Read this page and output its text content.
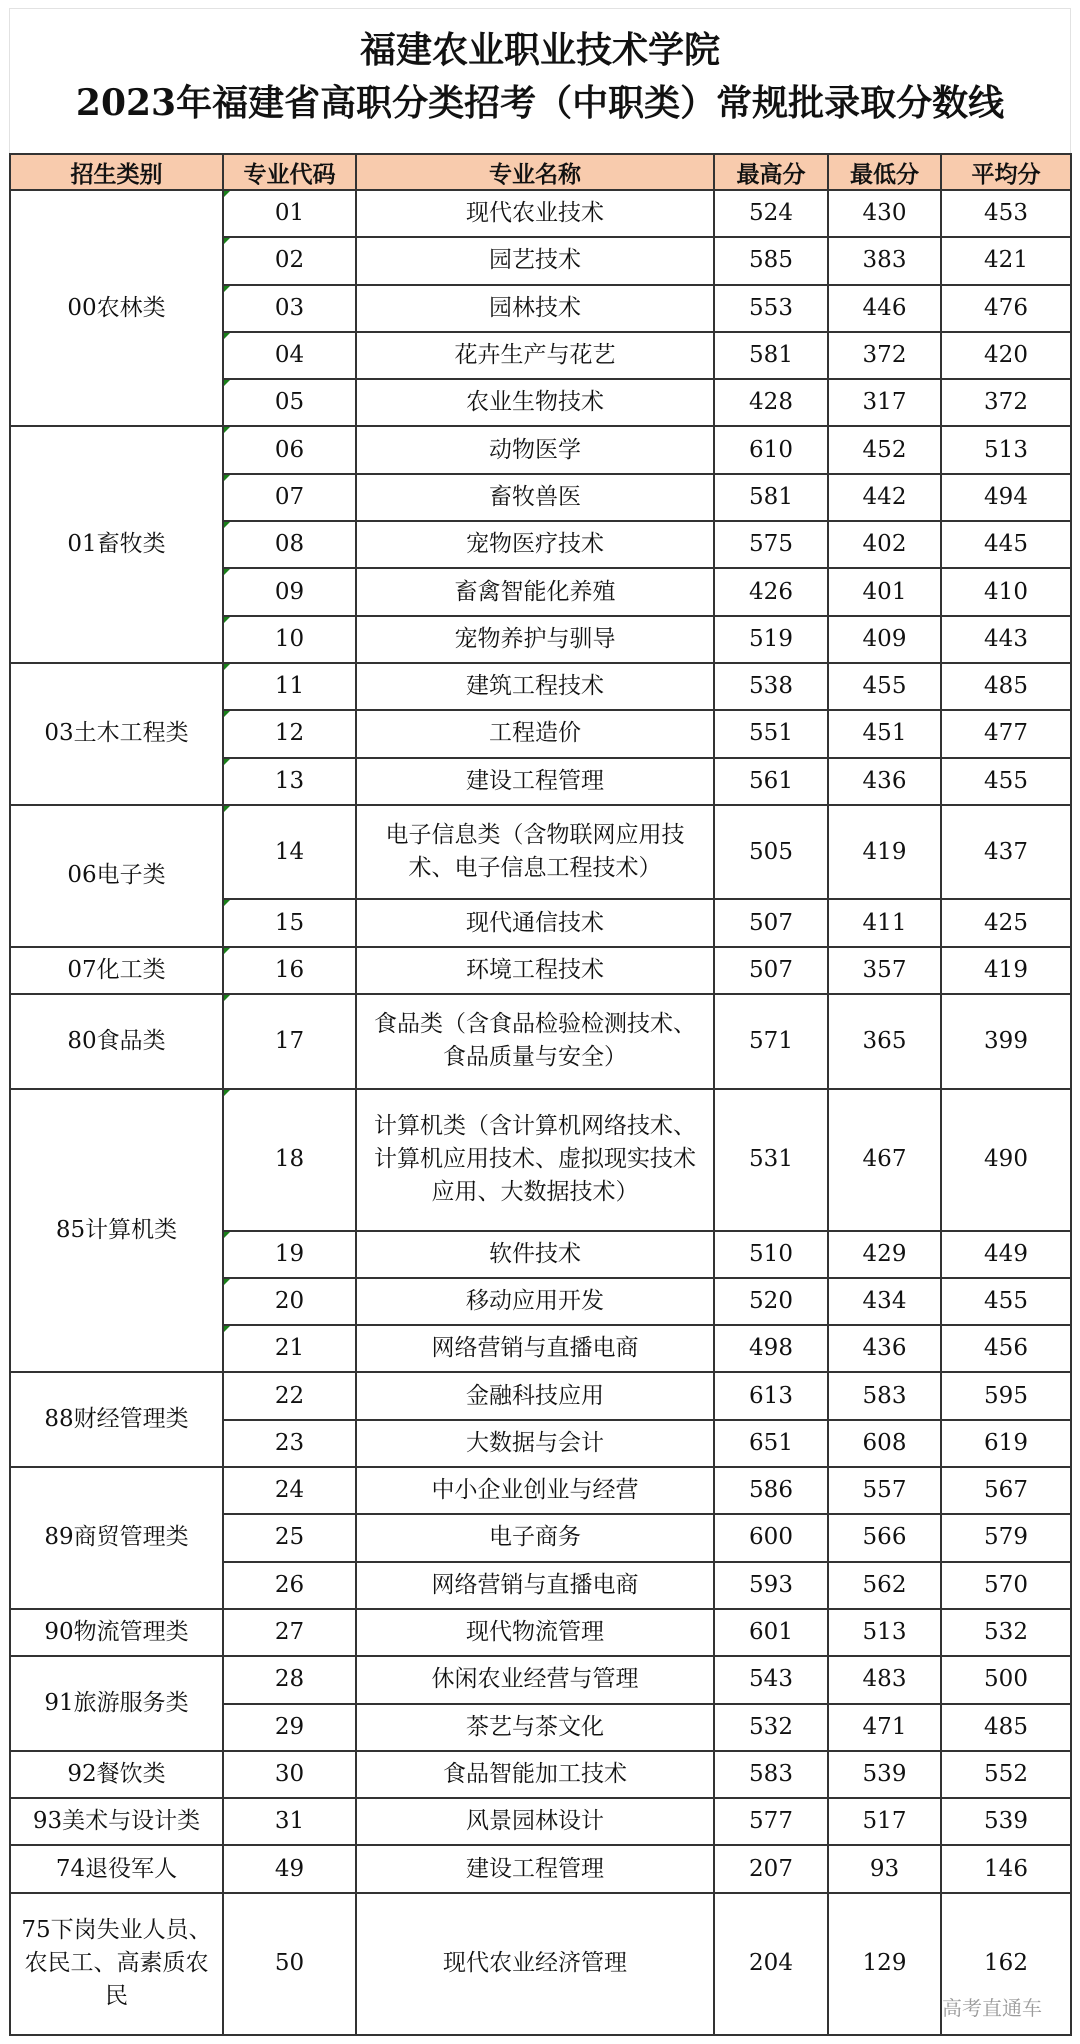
福建农业职业技术学院
2023年福建省高职分类招考（中职类）常规批录取分数线
招生类别	专业代码	专业名称	最高分	最低分	平均分
00农林类	01	现代农业技术	524	430	453
	02	园艺技术	585	383	421
	03	园林技术	553	446	476
	04	花卉生产与花艺	581	372	420
	05	农业生物技术	428	317	372
01畜牧类	06	动物医学	610	452	513
	07	畜牧兽医	581	442	494
	08	宠物医疗技术	575	402	445
	09	畜禽智能化养殖	426	401	410
	10	宠物养护与驯导	519	409	443
03土木工程类	11	建筑工程技术	538	455	485
	12	工程造价	551	451	477
	13	建设工程管理	561	436	455
06电子类	14	电子信息类（含物联网应用技术、电子信息工程技术）	505	419	437
	15	现代通信技术	507	411	425
07化工类	16	环境工程技术	507	357	419
80食品类	17	食品类（含食品检验检测技术、食品质量与安全）	571	365	399
85计算机类	18	计算机类（含计算机网络技术、计算机应用技术、虚拟现实技术应用、大数据技术）	531	467	490
	19	软件技术	510	429	449
	20	移动应用开发	520	434	455
	21	网络营销与直播电商	498	436	456
88财经管理类	22	金融科技应用	613	583	595
	23	大数据与会计	651	608	619
89商贸管理类	24	中小企业创业与经营	586	557	567
	25	电子商务	600	566	579
	26	网络营销与直播电商	593	562	570
90物流管理类	27	现代物流管理	601	513	532
91旅游服务类	28	休闲农业经营与管理	543	483	500
	29	茶艺与茶文化	532	471	485
92餐饮类	30	食品智能加工技术	583	539	552
93美术与设计类	31	风景园林设计	577	517	539
74退役军人	49	建设工程管理	207	93	146
75下岗失业人员、农民工、高素质农民	50	现代农业经济管理	204	129	162
高考直通车
